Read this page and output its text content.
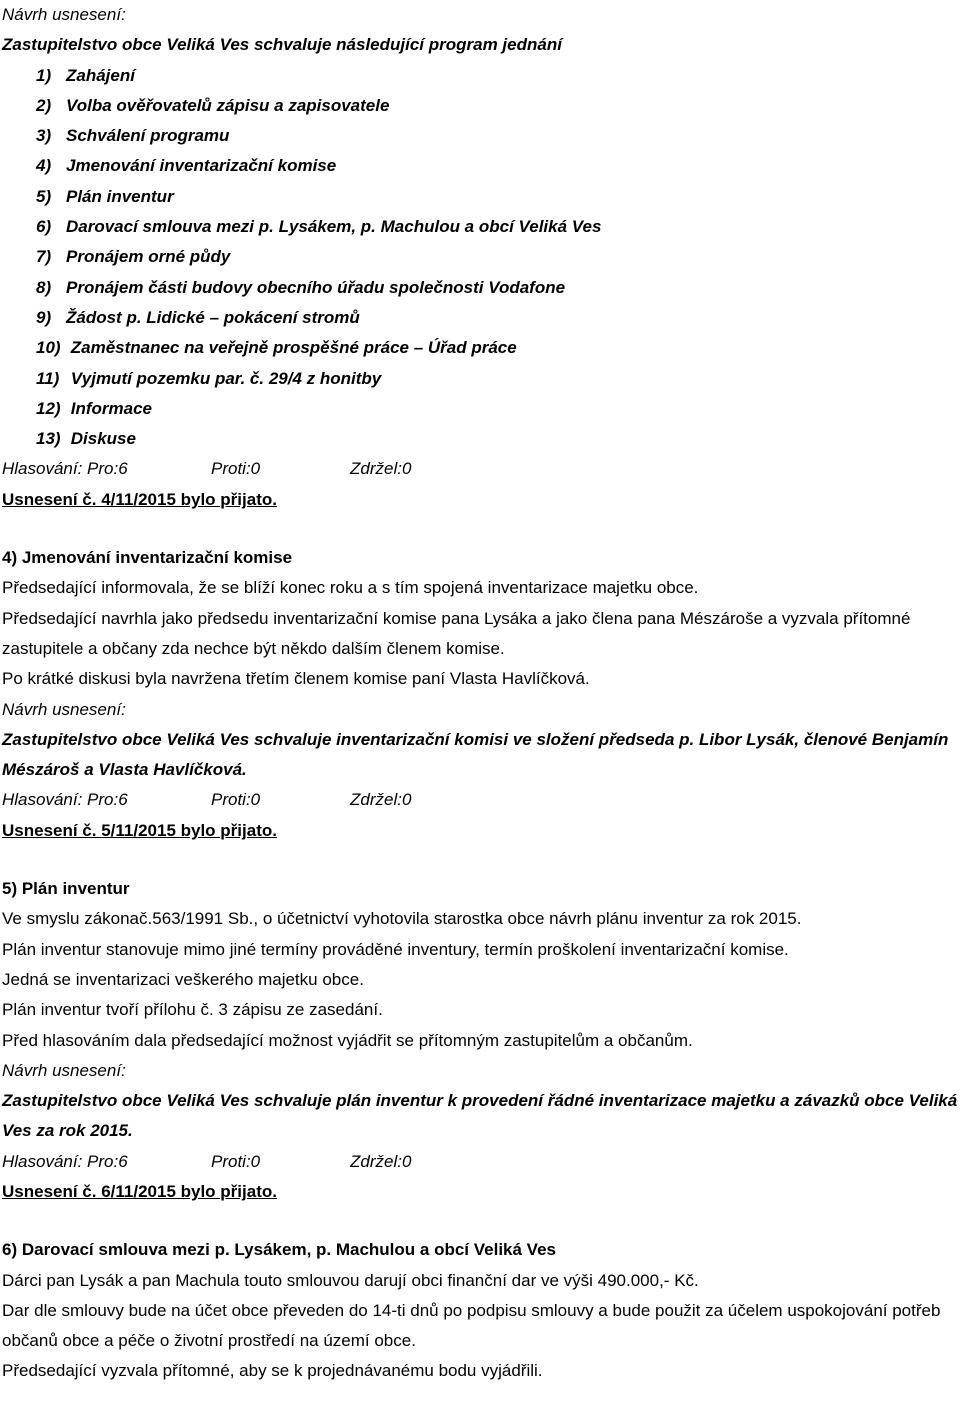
Návrh usnesení:
Zastupitelstvo obce Veliká Ves schvaluje následující program jednání
1) Zahájení
2) Volba ověřovatelů zápisu a zapisovatele
3) Schválení programu
4) Jmenování inventarizační komise
5) Plán inventur
6) Darovací smlouva mezi p. Lysákem, p. Machulou a obcí Veliká Ves
7) Pronájem orné půdy
8) Pronájem části budovy obecního úřadu společnosti Vodafone
9) Žádost p. Lidické – pokácení stromů
10) Zaměstnanec na veřejně prospěšné práce – Úřad práce
11) Vyjmutí pozemku par. č. 29/4 z honitby
12) Informace
13) Diskuse
Hlasování: Pro:6	Proti:0	Zdržel:0
Usnesení č. 4/11/2015 bylo přijato.
4) Jmenování inventarizační komise
Předsedající informovala, že se blíží konec roku a s tím spojená inventarizace majetku obce.
Předsedající navrhla jako předsedu inventarizační komise pana Lysáka a jako člena pana Mészároše a vyzvala přítomné zastupitele a občany zda nechce být někdo dalším členem komise.
Po krátké diskusi byla navržena třetím členem komise paní Vlasta Havlíčková.
Návrh usnesení:
Zastupitelstvo obce Veliká Ves schvaluje inventarizační komisi ve složení předseda p. Libor Lysák, členové Benjamín Mészároš a Vlasta Havlíčková.
Hlasování: Pro:6	Proti:0	Zdržel:0
Usnesení č. 5/11/2015 bylo přijato.
5) Plán inventur
Ve smyslu zákonač.563/1991 Sb., o účetnictví vyhotovila starostka obce návrh plánu inventur za rok 2015.
Plán inventur stanovuje mimo jiné termíny prováděné inventury, termín proškolení inventarizační komise.
Jedná se inventarizaci veškerého majetku obce.
Plán inventur tvoří přílohu č. 3 zápisu ze zasedání.
Před hlasováním dala předsedající možnost vyjádřit se přítomným zastupitelům a občanům.
Návrh usnesení:
Zastupitelstvo obce Veliká Ves schvaluje plán inventur k provedení řádné inventarizace majetku a závazků obce Veliká Ves za rok 2015.
Hlasování: Pro:6	Proti:0	Zdržel:0
Usnesení č. 6/11/2015 bylo přijato.
6) Darovací smlouva mezi p. Lysákem, p. Machulou a obcí Veliká Ves
Dárci pan Lysák a pan Machula touto smlouvou darují obci finanční dar ve výši 490.000,- Kč.
Dar dle smlouvy bude na účet obce převeden do 14-ti dnů po podpisu smlouvy a bude použit za účelem uspokojování potřeb občanů obce a péče o životní prostředí na území obce.
Předsedající vyzvala přítomné, aby se k projednávanému bodu vyjádřili.
